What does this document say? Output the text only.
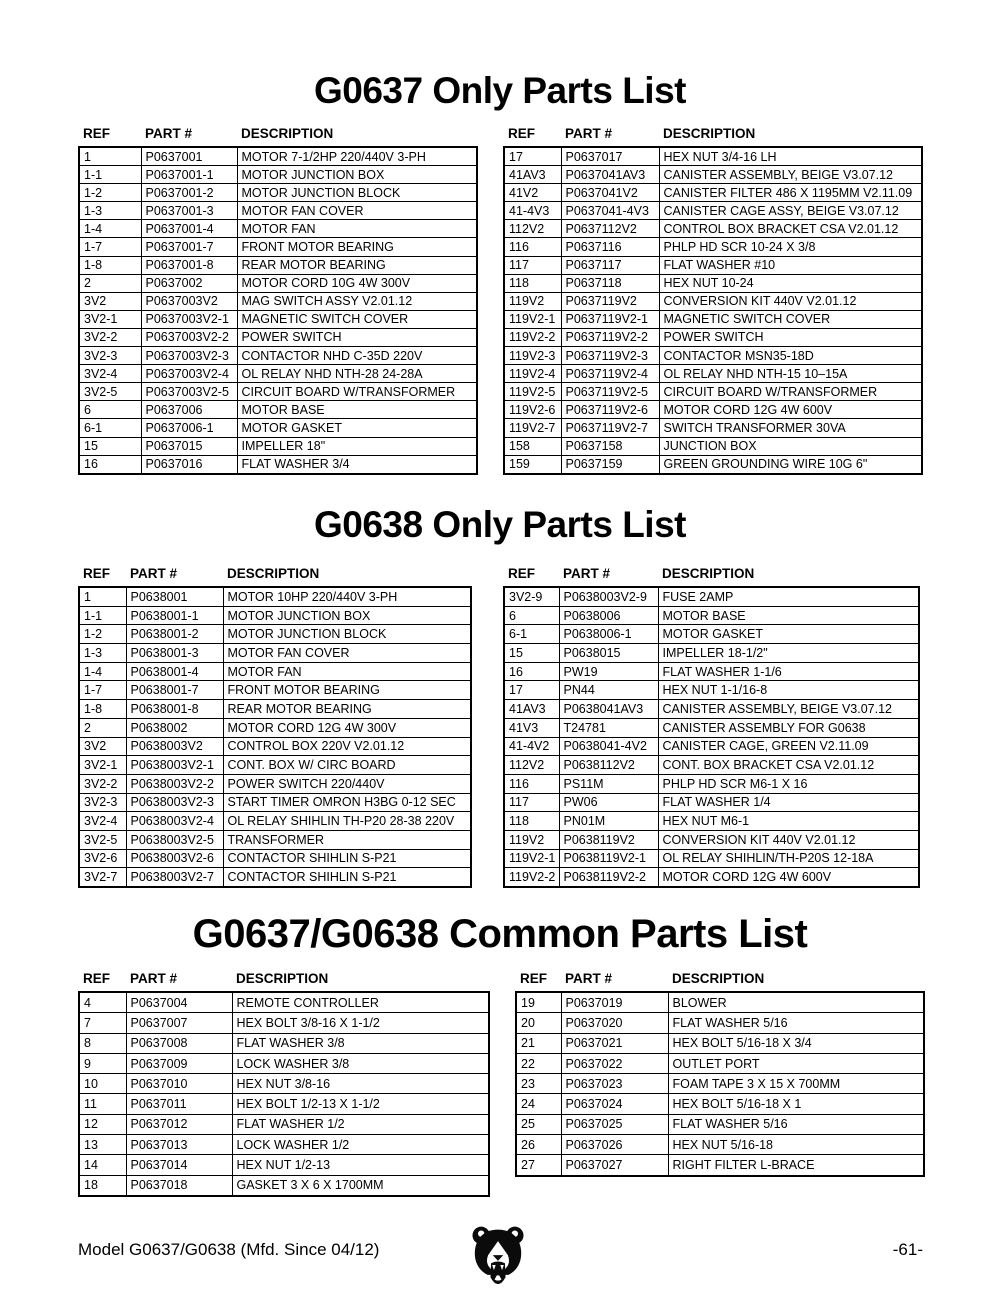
G0637 Only Parts List
REF	PART #	DESCRIPTION
1	P0637001	MOTOR 7-1/2HP 220/440V 3-PH
1-1	P0637001-1	MOTOR JUNCTION BOX
1-2	P0637001-2	MOTOR JUNCTION BLOCK
1-3	P0637001-3	MOTOR FAN COVER
1-4	P0637001-4	MOTOR FAN
1-7	P0637001-7	FRONT MOTOR BEARING
1-8	P0637001-8	REAR MOTOR BEARING
2	P0637002	MOTOR CORD 10G 4W 300V
3V2	P0637003V2	MAG SWITCH ASSY V2.01.12
3V2-1	P0637003V2-1	MAGNETIC SWITCH COVER
3V2-2	P0637003V2-2	POWER SWITCH
3V2-3	P0637003V2-3	CONTACTOR NHD C-35D 220V
3V2-4	P0637003V2-4	OL RELAY NHD NTH-28 24-28A
3V2-5	P0637003V2-5	CIRCUIT BOARD W/TRANSFORMER
6	P0637006	MOTOR BASE
6-1	P0637006-1	MOTOR GASKET
15	P0637015	IMPELLER 18"
16	P0637016	FLAT WASHER 3/4
REF	PART #	DESCRIPTION
17	P0637017	HEX NUT 3/4-16 LH
41AV3	P0637041AV3	CANISTER ASSEMBLY, BEIGE V3.07.12
41V2	P0637041V2	CANISTER FILTER 486 X 1195MM V2.11.09
41-4V3	P0637041-4V3	CANISTER CAGE ASSY, BEIGE V3.07.12
112V2	P0637112V2	CONTROL BOX BRACKET CSA V2.01.12
116	P0637116	PHLP HD SCR 10-24 X 3/8
117	P0637117	FLAT WASHER #10
118	P0637118	HEX NUT 10-24
119V2	P0637119V2	CONVERSION KIT 440V V2.01.12
119V2-1	P0637119V2-1	MAGNETIC SWITCH COVER
119V2-2	P0637119V2-2	POWER SWITCH
119V2-3	P0637119V2-3	CONTACTOR MSN35-18D
119V2-4	P0637119V2-4	OL RELAY NHD NTH-15 10–15A
119V2-5	P0637119V2-5	CIRCUIT BOARD W/TRANSFORMER
119V2-6	P0637119V2-6	MOTOR CORD 12G 4W 600V
119V2-7	P0637119V2-7	SWITCH TRANSFORMER 30VA
158	P0637158	JUNCTION BOX
159	P0637159	GREEN GROUNDING WIRE 10G 6"
G0638 Only Parts List
REF	PART #	DESCRIPTION
1	P0638001	MOTOR 10HP 220/440V 3-PH
1-1	P0638001-1	MOTOR JUNCTION BOX
1-2	P0638001-2	MOTOR JUNCTION BLOCK
1-3	P0638001-3	MOTOR FAN COVER
1-4	P0638001-4	MOTOR FAN
1-7	P0638001-7	FRONT MOTOR BEARING
1-8	P0638001-8	REAR MOTOR BEARING
2	P0638002	MOTOR CORD 12G 4W 300V
3V2	P0638003V2	CONTROL BOX 220V V2.01.12
3V2-1	P0638003V2-1	CONT. BOX W/ CIRC BOARD
3V2-2	P0638003V2-2	POWER SWITCH 220/440V
3V2-3	P0638003V2-3	START TIMER OMRON H3BG 0-12 SEC
3V2-4	P0638003V2-4	OL RELAY SHIHLIN TH-P20 28-38 220V
3V2-5	P0638003V2-5	TRANSFORMER
3V2-6	P0638003V2-6	CONTACTOR SHIHLIN S-P21
3V2-7	P0638003V2-7	CONTACTOR SHIHLIN S-P21
REF	PART #	DESCRIPTION
3V2-9	P0638003V2-9	FUSE 2AMP
6	P0638006	MOTOR BASE
6-1	P0638006-1	MOTOR GASKET
15	P0638015	IMPELLER 18-1/2"
16	PW19	FLAT WASHER 1-1/6
17	PN44	HEX NUT 1-1/16-8
41AV3	P0638041AV3	CANISTER ASSEMBLY, BEIGE V3.07.12
41V3	T24781	CANISTER ASSEMBLY FOR G0638
41-4V2	P0638041-4V2	CANISTER CAGE, GREEN V2.11.09
112V2	P0638112V2	CONT. BOX BRACKET CSA V2.01.12
116	PS11M	PHLP HD SCR M6-1 X 16
117	PW06	FLAT WASHER 1/4
118	PN01M	HEX NUT M6-1
119V2	P0638119V2	CONVERSION KIT 440V V2.01.12
119V2-1	P0638119V2-1	OL RELAY SHIHLIN/TH-P20S 12-18A
119V2-2	P0638119V2-2	MOTOR CORD 12G 4W 600V
G0637/G0638 Common Parts List
REF	PART #	DESCRIPTION
4	P0637004	REMOTE CONTROLLER
7	P0637007	HEX BOLT 3/8-16 X 1-1/2
8	P0637008	FLAT WASHER 3/8
9	P0637009	LOCK WASHER 3/8
10	P0637010	HEX NUT 3/8-16
11	P0637011	HEX BOLT 1/2-13 X 1-1/2
12	P0637012	FLAT WASHER 1/2
13	P0637013	LOCK WASHER 1/2
14	P0637014	HEX NUT 1/2-13
18	P0637018	GASKET 3 X 6 X 1700MM
REF	PART #	DESCRIPTION
19	P0637019	BLOWER
20	P0637020	FLAT WASHER 5/16
21	P0637021	HEX BOLT 5/16-18 X 3/4
22	P0637022	OUTLET PORT
23	P0637023	FOAM TAPE 3 X 15 X 700MM
24	P0637024	HEX BOLT 5/16-18 X 1
25	P0637025	FLAT WASHER 5/16
26	P0637026	HEX NUT 5/16-18
27	P0637027	RIGHT FILTER L-BRACE
Model G0637/G0638 (Mfd. Since 04/12)	-61-
